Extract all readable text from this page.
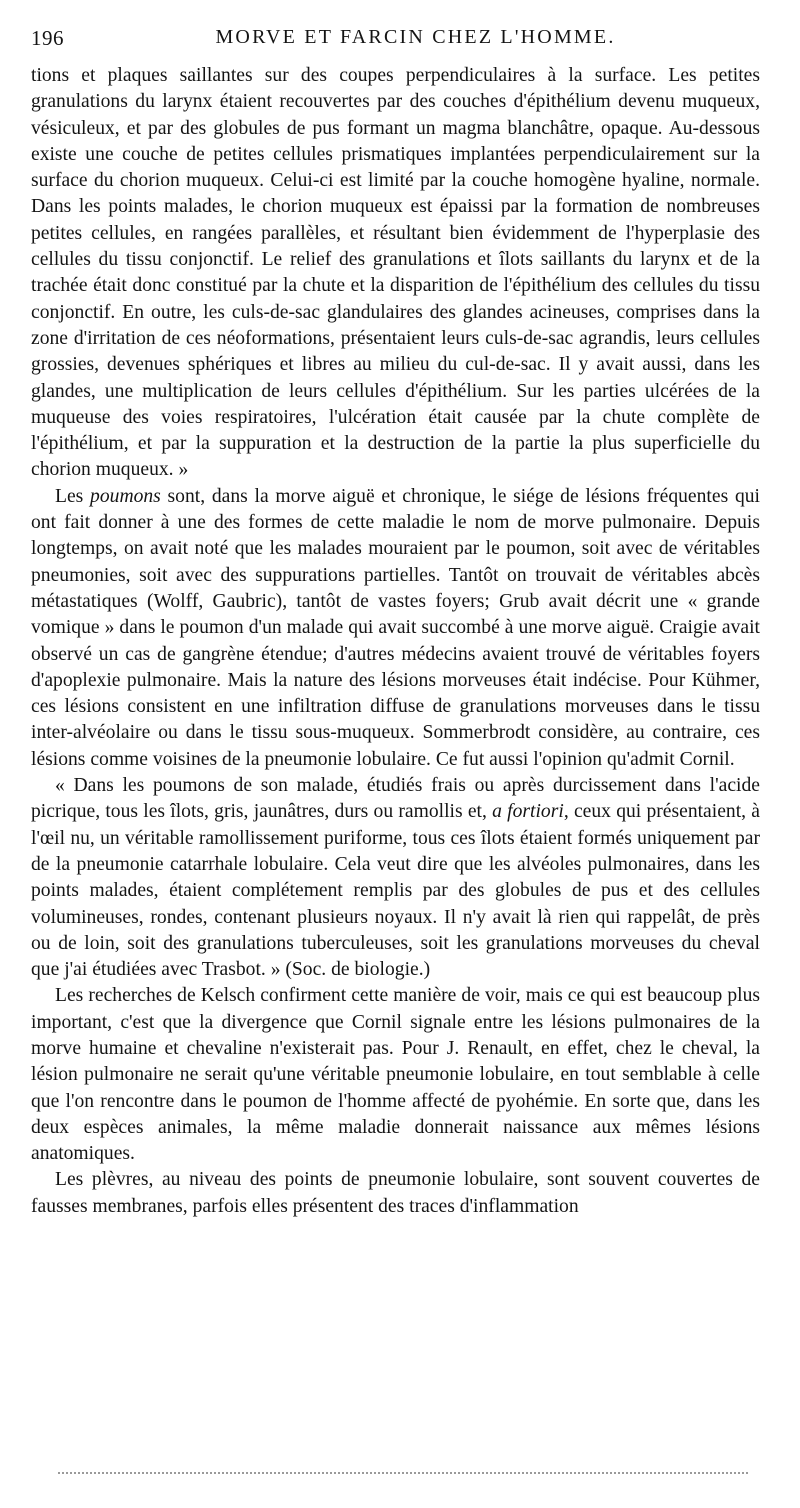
196	MORVE ET FARCIN CHEZ L'HOMME.

tions et plaques saillantes sur des coupes perpendiculaires à la surface. Les petites granulations du larynx étaient recouvertes par des couches d'épithélium devenu muqueux, vésiculeux, et par des globules de pus formant un magma blanchâtre, opaque. Au-dessous existe une couche de petites cellules prismatiques implantées perpendiculairement sur la surface du chorion muqueux. Celui-ci est limité par la couche homogène hyaline, normale. Dans les points malades, le chorion muqueux est épaissi par la formation de nombreuses petites cellules, en rangées parallèles, et résultant bien évidemment de l'hyperplasie des cellules du tissu conjonctif. Le relief des granulations et îlots saillants du larynx et de la trachée était donc constitué par la chute et la disparition de l'épithélium des cellules du tissu conjonctif. En outre, les culs-de-sac glandulaires des glandes acineuses, comprises dans la zone d'irritation de ces néoformations, présentaient leurs culs-de-sac agrandis, leurs cellules grossies, devenues sphériques et libres au milieu du cul-de-sac. Il y avait aussi, dans les glandes, une multiplication de leurs cellules d'épithélium. Sur les parties ulcérées de la muqueuse des voies respiratoires, l'ulcération était causée par la chute complète de l'épithélium, et par la suppuration et la destruction de la partie la plus superficielle du chorion muqueux. »

Les poumons sont, dans la morve aiguë et chronique, le siége de lésions fréquentes qui ont fait donner à une des formes de cette maladie le nom de morve pulmonaire. Depuis longtemps, on avait noté que les malades mouraient par le poumon, soit avec de véritables pneumonies, soit avec des suppurations partielles. Tantôt on trouvait de véritables abcès métastatiques (Wolff, Gaubric), tantôt de vastes foyers; Grub avait décrit une « grande vomique » dans le poumon d'un malade qui avait succombé à une morve aiguë. Craigie avait observé un cas de gangrène étendue; d'autres médecins avaient trouvé de véritables foyers d'apoplexie pulmonaire. Mais la nature des lésions morveuses était indécise. Pour Kühmer, ces lésions consistent en une infiltration diffuse de granulations morveuses dans le tissu inter-alvéolaire ou dans le tissu sous-muqueux. Sommerbrodt considère, au contraire, ces lésions comme voisines de la pneumonie lobulaire. Ce fut aussi l'opinion qu'admit Cornil.

« Dans les poumons de son malade, étudiés frais ou après durcissement dans l'acide picrique, tous les îlots, gris, jaunâtres, durs ou ramollis et, a fortiori, ceux qui présentaient, à l'œil nu, un véritable ramollissement puriforme, tous ces îlots étaient formés uniquement par de la pneumonie catarrhale lobulaire. Cela veut dire que les alvéoles pulmonaires, dans les points malades, étaient complétement remplis par des globules de pus et des cellules volumineuses, rondes, contenant plusieurs noyaux. Il n'y avait là rien qui rappelât, de près ou de loin, soit des granulations tuberculeuses, soit les granulations morveuses du cheval que j'ai étudiées avec Trasbot. » (Soc. de biologie.)

Les recherches de Kelsch confirment cette manière de voir, mais ce qui est beaucoup plus important, c'est que la divergence que Cornil signale entre les lésions pulmonaires de la morve humaine et chevaline n'existerait pas. Pour J. Renault, en effet, chez le cheval, la lésion pulmonaire ne serait qu'une véritable pneumonie lobulaire, en tout semblable à celle que l'on rencontre dans le poumon de l'homme affecté de pyohémie. En sorte que, dans les deux espèces animales, la même maladie donnerait naissance aux mêmes lésions anatomiques.

Les plèvres, au niveau des points de pneumonie lobulaire, sont souvent couvertes de fausses membranes, parfois elles présentent des traces d'inflammation
